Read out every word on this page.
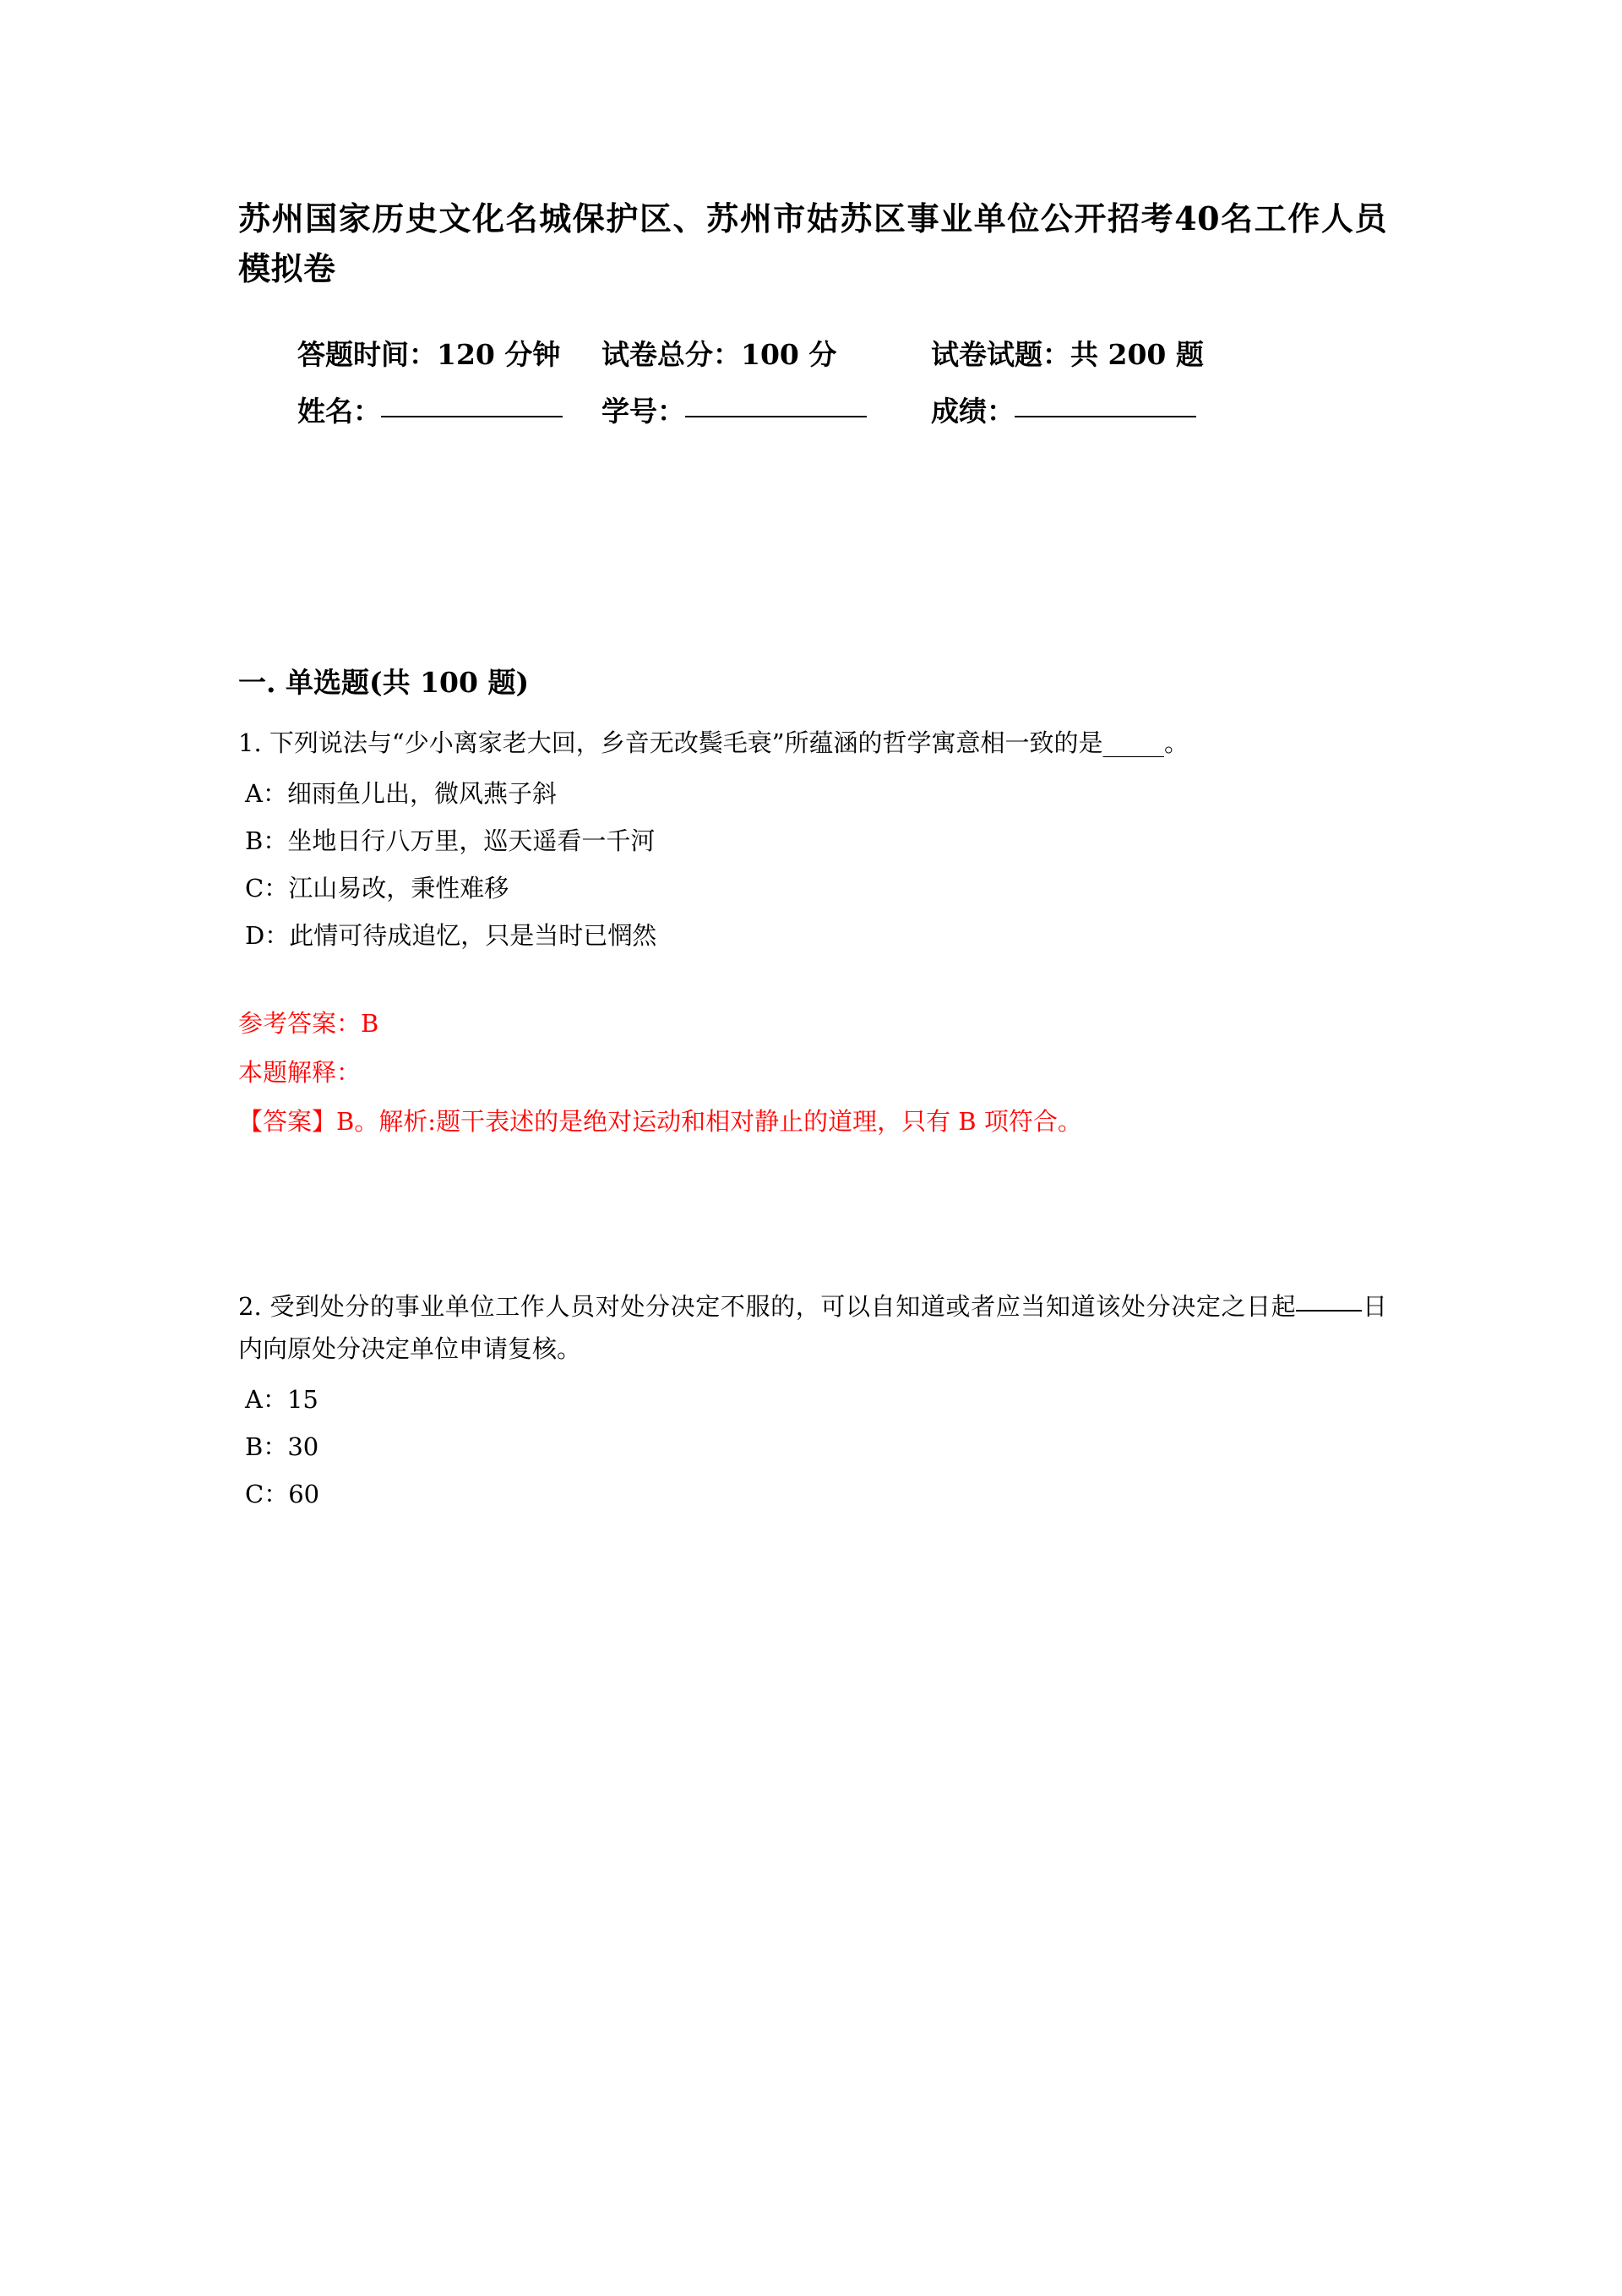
苏州国家历史文化名城保护区、苏州市姑苏区事业单位公开招考40名工作人员模拟卷
答题时间：120 分钟	试卷总分：100 分	试卷试题：共 200 题
姓名：	学号：	成绩：
一. 单选题(共 100 题)
1. 下列说法与“少小离家老大回，乡音无改鬓毛衰”所蕴涵的哲学寓意相一致的是_____。
A：细雨鱼儿出，微风燕子斜
B：坐地日行八万里，巡天遥看一千河
C：江山易改，秉性难移
D：此情可待成追忆，只是当时已惘然
参考答案：B
本题解释：
【答案】B。解析:题干表述的是绝对运动和相对静止的道理，只有 B 项符合。
2. 受到处分的事业单位工作人员对处分决定不服的，可以自知道或者应当知道该处分决定之日起	日内向原处分决定单位申请复核。
A：15
B：30
C：60
